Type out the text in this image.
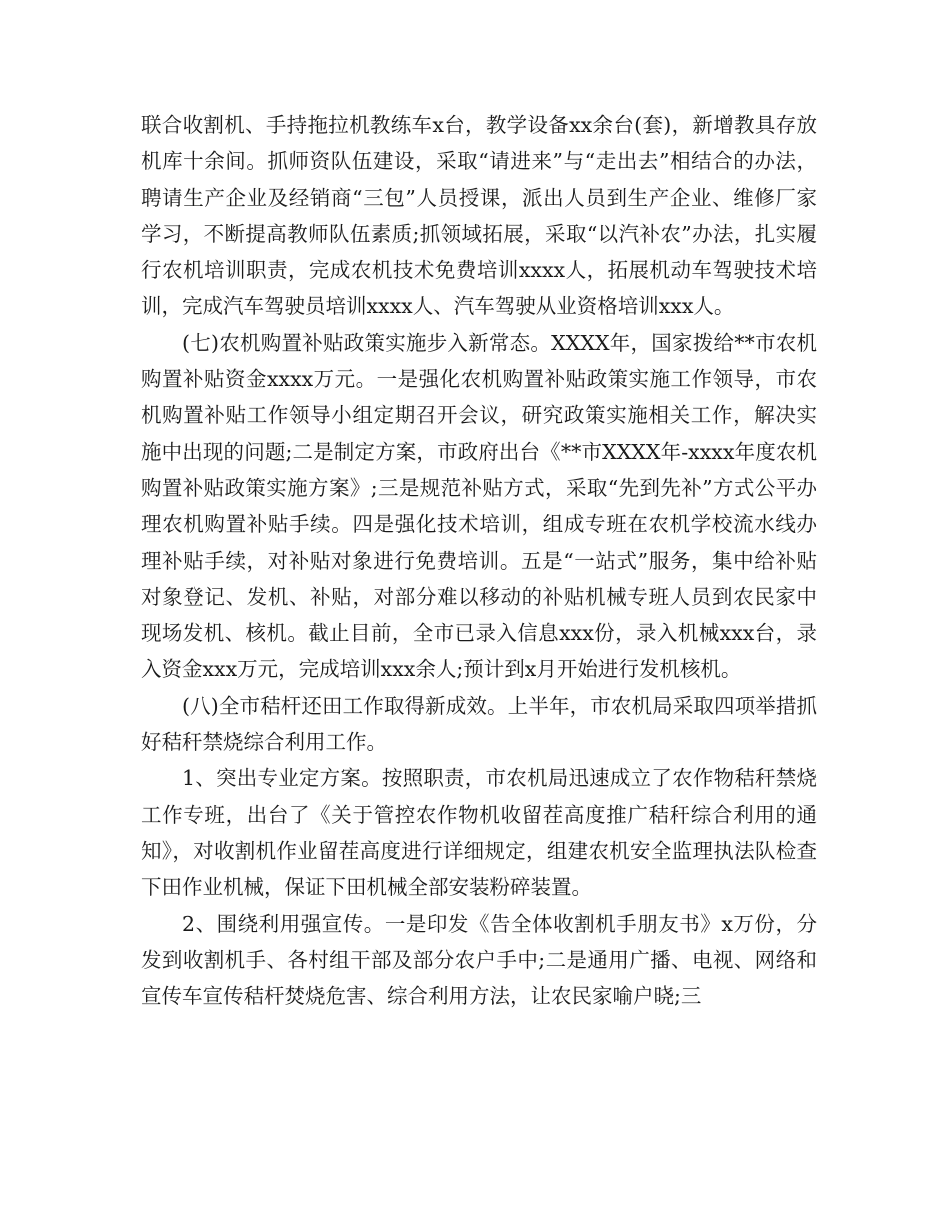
联合收割机、手持拖拉机教练车x台，教学设备xx余台(套)，新增教具存放机库十余间。抓师资队伍建设，采取“请进来”与“走出去”相结合的办法，聘请生产企业及经销商“三包”人员授课，派出人员到生产企业、维修厂家学习，不断提高教师队伍素质;抓领域拓展，采取“以汽补农”办法，扎实履行农机培训职责，完成农机技术免费培训xxxx人，拓展机动车驾驶技术培训，完成汽车驾驶员培训xxxx人、汽车驾驶从业资格培训xxx人。

(七)农机购置补贴政策实施步入新常态。XXXX年，国家拨给**市农机购置补贴资金xxxx万元。一是强化农机购置补贴政策实施工作领导，市农机购置补贴工作领导小组定期召开会议，研究政策实施相关工作，解决实施中出现的问题;二是制定方案，市政府出台《**市XXXX年-xxxx年度农机购置补贴政策实施方案》;三是规范补贴方式，采取“先到先补”方式公平办理农机购置补贴手续。四是强化技术培训，组成专班在农机学校流水线办理补贴手续，对补贴对象进行免费培训。五是“一站式”服务，集中给补贴对象登记、发机、补贴，对部分难以移动的补贴机械专班人员到农民家中现场发机、核机。截止目前，全市已录入信息xxx份，录入机械xxx台，录入资金xxx万元，完成培训xxx余人;预计到x月开始进行发机核机。

(八)全市秸杆还田工作取得新成效。上半年，市农机局采取四项举措抓好秸秆禁烧综合利用工作。

1、突出专业定方案。按照职责，市农机局迅速成立了农作物秸秆禁烧工作专班，出台了《关于管控农作物机收留茬高度推广秸秆综合利用的通知》，对收割机作业留茬高度进行详细规定，组建农机安全监理执法队检查下田作业机械，保证下田机械全部安装粉碎装置。

2、围绕利用强宣传。一是印发《告全体收割机手朋友书》x万份，分发到收割机手、各村组干部及部分农户手中;二是通用广播、电视、网络和宣传车宣传秸杆焚烧危害、综合利用方法，让农民家喻户晓;三
